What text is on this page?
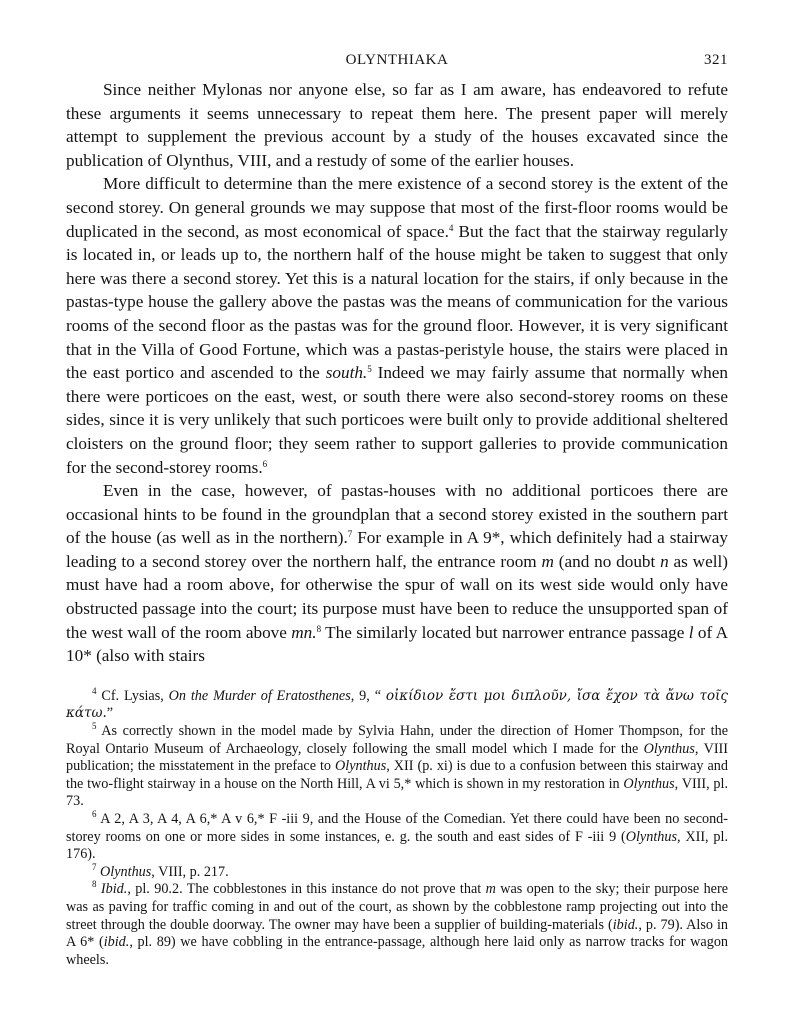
OLYNTHIAKA	321

Since neither Mylonas nor anyone else, so far as I am aware, has endeavored to refute these arguments it seems unnecessary to repeat them here. The present paper will merely attempt to supplement the previous account by a study of the houses excavated since the publication of Olynthus, VIII, and a restudy of some of the earlier houses.

More difficult to determine than the mere existence of a second storey is the extent of the second storey. On general grounds we may suppose that most of the first-floor rooms would be duplicated in the second, as most economical of space.$^4$ But the fact that the stairway regularly is located in, or leads up to, the northern half of the house might be taken to suggest that only here was there a second storey. Yet this is a natural location for the stairs, if only because in the pastas-type house the gallery above the pastas was the means of communication for the various rooms of the second floor as the pastas was for the ground floor. However, it is very significant that in the Villa of Good Fortune, which was a pastas-peristyle house, the stairs were placed in the east portico and ascended to the south.$^5$ Indeed we may fairly assume that normally when there were porticoes on the east, west, or south there were also second-storey rooms on these sides, since it is very unlikely that such porticoes were built only to provide additional sheltered cloisters on the ground floor; they seem rather to support galleries to provide communication for the second-storey rooms.$^6$

Even in the case, however, of pastas-houses with no additional porticoes there are occasional hints to be found in the groundplan that a second storey existed in the southern part of the house (as well as in the northern).$^7$ For example in A 9*, which definitely had a stairway leading to a second storey over the northern half, the entrance room m (and no doubt n as well) must have had a room above, for otherwise the spur of wall on its west side would only have obstructed passage into the court; its purpose must have been to reduce the unsupported span of the west wall of the room above mn.$^8$ The similarly located but narrower entrance passage l of A 10* (also with stairs

$^4$ Cf. Lysias, On the Murder of Eratosthenes, 9, “ οἰκίδιον ἔστι μοι διπλοῦν, ἴσα ἔχον τὰ ἄνω τοῖς κάτω.”

$^5$ As correctly shown in the model made by Sylvia Hahn, under the direction of Homer Thompson, for the Royal Ontario Museum of Archaeology, closely following the small model which I made for the Olynthus, VIII publication; the misstatement in the preface to Olynthus, XII (p. xi) is due to a confusion between this stairway and the two-flight stairway in a house on the North Hill, A vi 5,* which is shown in my restoration in Olynthus, VIII, pl. 73.

$^6$ A 2, A 3, A 4, A 6,* A v 6,* F -iii 9, and the House of the Comedian. Yet there could have been no second-storey rooms on one or more sides in some instances, e. g. the south and east sides of F -iii 9 (Olynthus, XII, pl. 176).

$^7$ Olynthus, VIII, p. 217.

$^8$ Ibid., pl. 90.2. The cobblestones in this instance do not prove that m was open to the sky; their purpose here was as paving for traffic coming in and out of the court, as shown by the cobblestone ramp projecting out into the street through the double doorway. The owner may have been a supplier of building-materials (ibid., p. 79). Also in A 6* (ibid., pl. 89) we have cobbling in the entrance-passage, although here laid only as narrow tracks for wagon wheels.
